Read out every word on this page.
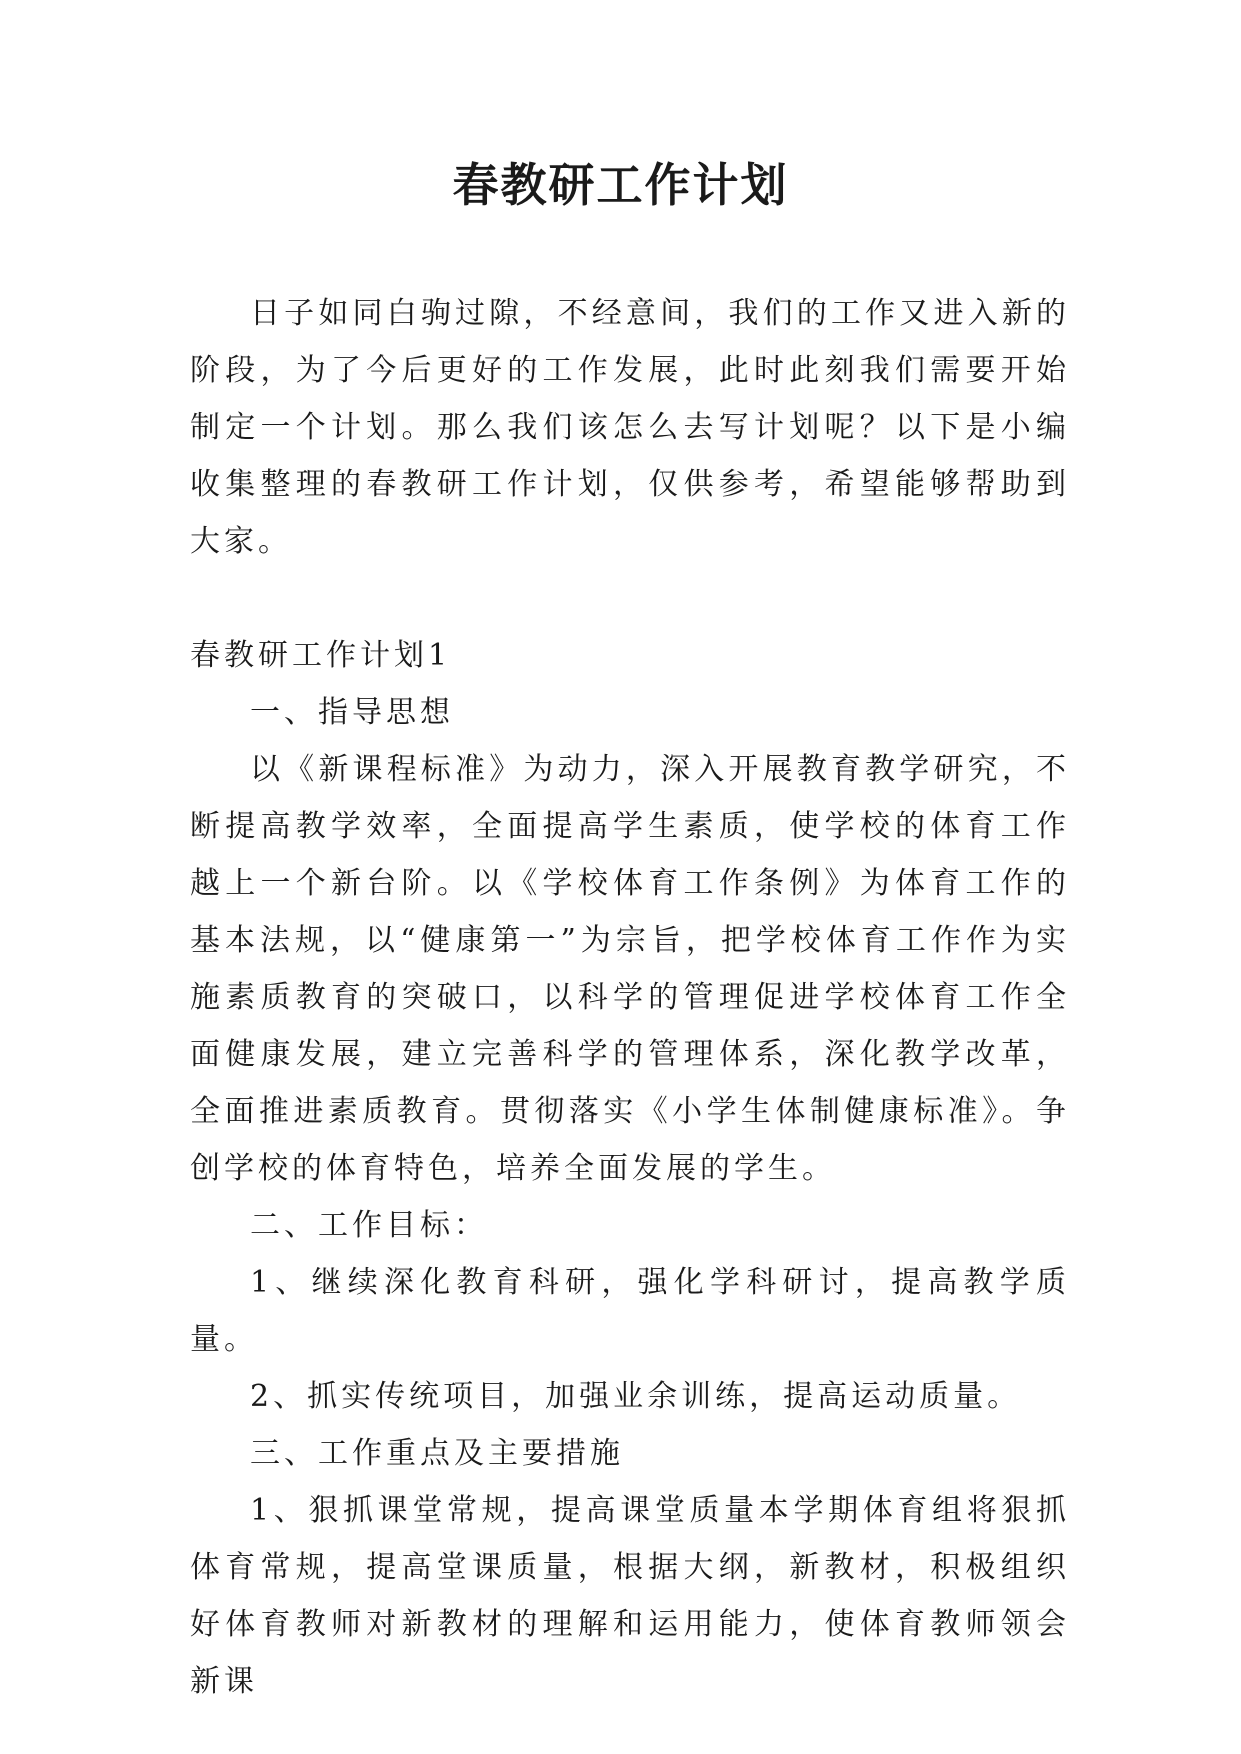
春教研工作计划

日子如同白驹过隙，不经意间，我们的工作又进入新的阶段，为了今后更好的工作发展，此时此刻我们需要开始制定一个计划。那么我们该怎么去写计划呢？以下是小编收集整理的春教研工作计划，仅供参考，希望能够帮助到大家。

春教研工作计划1

一、指导思想

以《新课程标准》为动力，深入开展教育教学研究，不断提高教学效率，全面提高学生素质，使学校的体育工作越上一个新台阶。以《学校体育工作条例》为体育工作的基本法规，以“健康第一”为宗旨，把学校体育工作作为实施素质教育的突破口，以科学的管理促进学校体育工作全面健康发展，建立完善科学的管理体系，深化教学改革，全面推进素质教育。贯彻落实《小学生体制健康标准》。争创学校的体育特色，培养全面发展的学生。

二、工作目标：

1、继续深化教育科研，强化学科研讨，提高教学质量。

2、抓实传统项目，加强业余训练，提高运动质量。

三、工作重点及主要措施

1、狠抓课堂常规，提高课堂质量本学期体育组将狠抓体育常规，提高堂课质量，根据大纲，新教材，积极组织好体育教师对新教材的理解和运用能力，使体育教师领会新课
